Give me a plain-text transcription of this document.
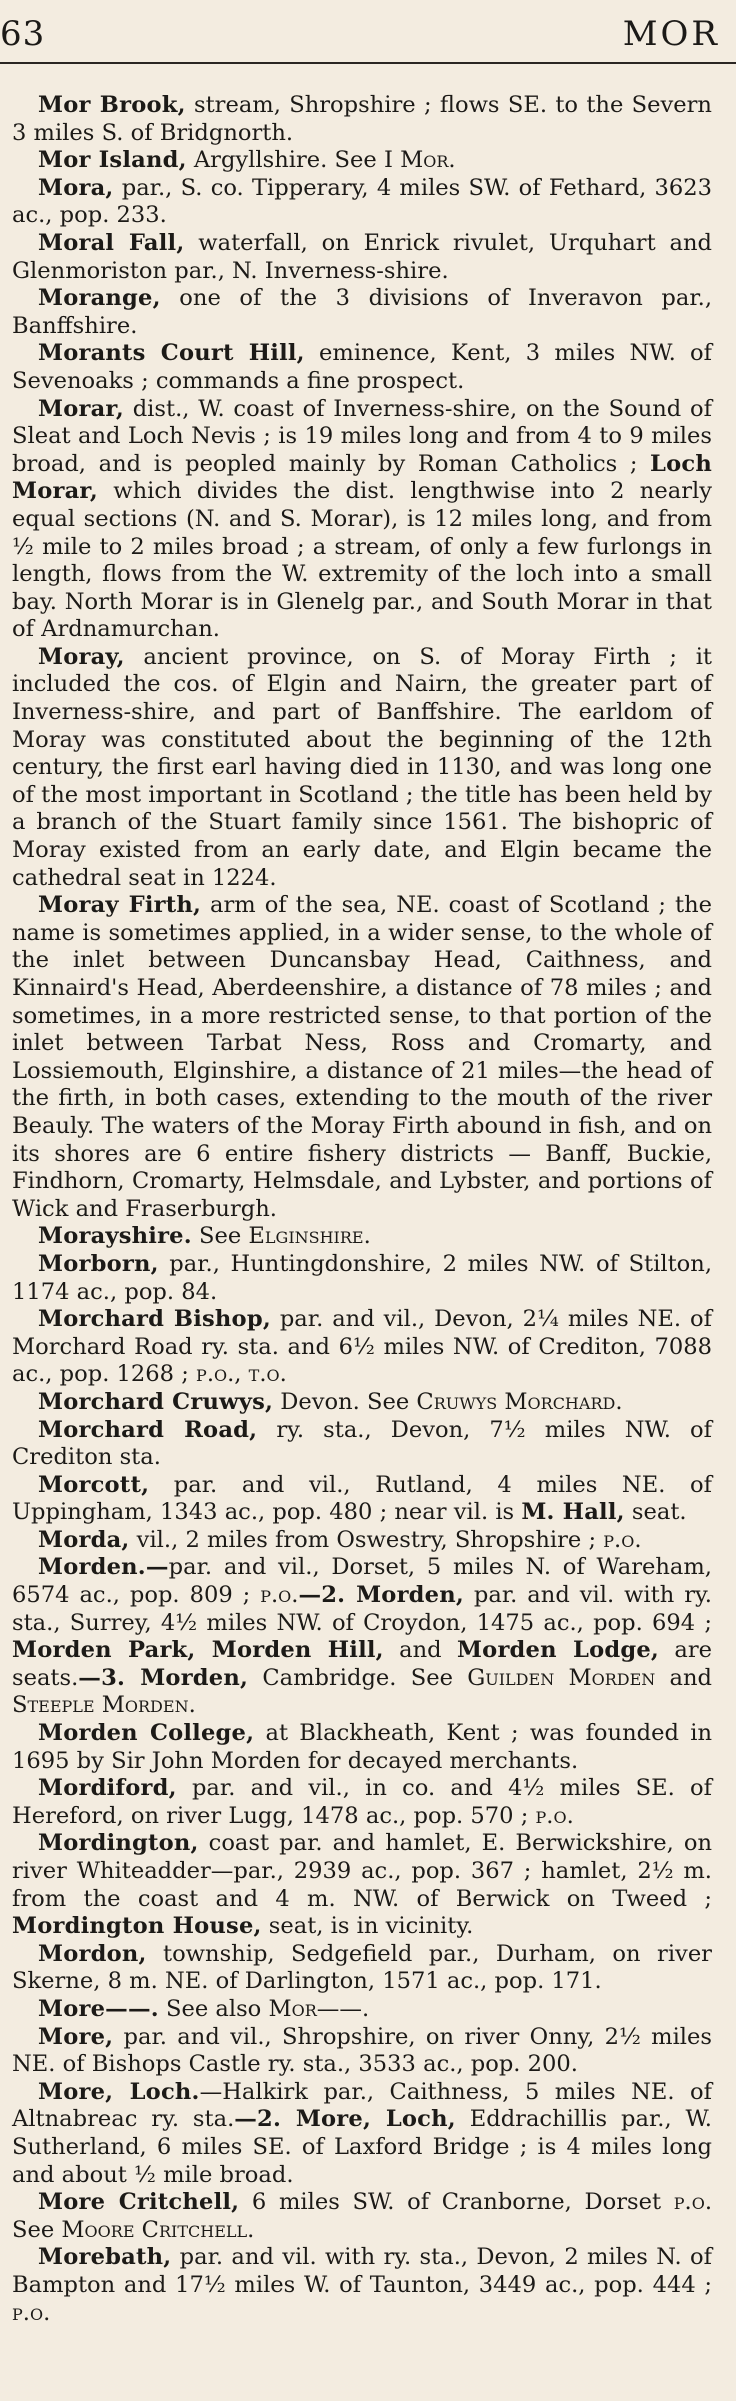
63	MOR

Mor Brook, stream, Shropshire ; flows SE. to the Severn 3 miles S. of Bridgnorth.

Mor Island, Argyllshire. See I Mor.

Mora, par., S. co. Tipperary, 4 miles SW. of Fethard, 3623 ac., pop. 233.

Moral Fall, waterfall, on Enrick rivulet, Urquhart and Glenmoriston par., N. Inverness-shire.

Morange, one of the 3 divisions of Inveravon par., Banffshire.

Morants Court Hill, eminence, Kent, 3 miles NW. of Sevenoaks ; commands a fine prospect.

Morar, dist., W. coast of Inverness-shire, on the Sound of Sleat and Loch Nevis ; is 19 miles long and from 4 to 9 miles broad, and is peopled mainly by Roman Catholics ; Loch Morar, which divides the dist. lengthwise into 2 nearly equal sections (N. and S. Morar), is 12 miles long, and from ½ mile to 2 miles broad ; a stream, of only a few furlongs in length, flows from the W. extremity of the loch into a small bay. North Morar is in Glenelg par., and South Morar in that of Ardnamurchan.

Moray, ancient province, on S. of Moray Firth ; it included the cos. of Elgin and Nairn, the greater part of Inverness-shire, and part of Banffshire. The earldom of Moray was constituted about the beginning of the 12th century, the first earl having died in 1130, and was long one of the most important in Scotland ; the title has been held by a branch of the Stuart family since 1561. The bishopric of Moray existed from an early date, and Elgin became the cathedral seat in 1224.

Moray Firth, arm of the sea, NE. coast of Scotland ; the name is sometimes applied, in a wider sense, to the whole of the inlet between Duncansbay Head, Caithness, and Kinnaird's Head, Aberdeenshire, a distance of 78 miles ; and sometimes, in a more restricted sense, to that portion of the inlet between Tarbat Ness, Ross and Cromarty, and Lossiemouth, Elginshire, a distance of 21 miles—the head of the firth, in both cases, extending to the mouth of the river Beauly. The waters of the Moray Firth abound in fish, and on its shores are 6 entire fishery districts — Banff, Buckie, Findhorn, Cromarty, Helmsdale, and Lybster, and portions of Wick and Fraserburgh.

Morayshire. See Elginshire.

Morborn, par., Huntingdonshire, 2 miles NW. of Stilton, 1174 ac., pop. 84.

Morchard Bishop, par. and vil., Devon, 2¼ miles NE. of Morchard Road ry. sta. and 6½ miles NW. of Crediton, 7088 ac., pop. 1268 ; p.o., t.o.

Morchard Cruwys, Devon. See Cruwys Morchard.

Morchard Road, ry. sta., Devon, 7½ miles NW. of Crediton sta.

Morcott, par. and vil., Rutland, 4 miles NE. of Uppingham, 1343 ac., pop. 480 ; near vil. is M. Hall, seat.

Morda, vil., 2 miles from Oswestry, Shropshire ; p.o.

Morden.—par. and vil., Dorset, 5 miles N. of Wareham, 6574 ac., pop. 809 ; p.o.—2. Morden, par. and vil. with ry. sta., Surrey, 4½ miles NW. of Croydon, 1475 ac., pop. 694 ; Morden Park, Morden Hill, and Morden Lodge, are seats.—3. Morden, Cambridge. See Guilden Morden and Steeple Morden.

Morden College, at Blackheath, Kent ; was founded in 1695 by Sir John Morden for decayed merchants.

Mordiford, par. and vil., in co. and 4½ miles SE. of Hereford, on river Lugg, 1478 ac., pop. 570 ; p.o.

Mordington, coast par. and hamlet, E. Berwickshire, on river Whiteadder—par., 2939 ac., pop. 367 ; hamlet, 2½ m. from the coast and 4 m. NW. of Berwick on Tweed ; Mordington House, seat, is in vicinity.

Mordon, township, Sedgefield par., Durham, on river Skerne, 8 m. NE. of Darlington, 1571 ac., pop. 171.

More——. See also Mor——.

More, par. and vil., Shropshire, on river Onny, 2½ miles NE. of Bishops Castle ry. sta., 3533 ac., pop. 200.

More, Loch.—Halkirk par., Caithness, 5 miles NE. of Altnabreac ry. sta.—2. More, Loch, Eddrachillis par., W. Sutherland, 6 miles SE. of Laxford Bridge ; is 4 miles long and about ½ mile broad.

More Critchell, 6 miles SW. of Cranborne, Dorset p.o. See Moore Critchell.

Morebath, par. and vil. with ry. sta., Devon, 2 miles N. of Bampton and 17½ miles W. of Taunton, 3449 ac., pop. 444 ; p.o.
